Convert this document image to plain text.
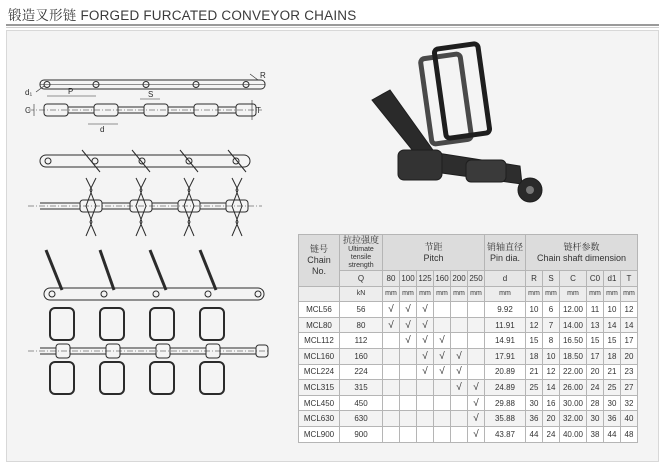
锻造叉形链 FORGED FURCATED CONVEYOR CHAINS
R
d₁	P	S
d
C	T
链号
Chain
No.	抗拉强度
Ultimate
tensile
strength	节距
Pitch						销轴直径
Pin dia.	链杆参数
Chain shaft dimension					

	Q	80	100	125	160	200	250	d	R	S	C	C0	d1	T
	kN	mm	mm	mm	mm	mm	mm	mm	mm	mm	mm	mm	mm	mm
MCL56	56	√	√	√				9.92	10	6	12.00	11	10	12
MCL80	80	√	√	√				11.91	12	7	14.00	13	14	14
MCL112	112		√	√	√			14.91	15	8	16.50	15	15	17
MCL160	160			√	√	√		17.91	18	10	18.50	17	18	20
MCL224	224			√	√	√		20.89	21	12	22.00	20	21	23
MCL315	315					√	√	24.89	25	14	26.00	24	25	27
MCL450	450						√	29.88	30	16	30.00	28	30	32
MCL630	630						√	35.88	36	20	32.00	30	36	40
MCL900	900						√	43.87	44	24	40.00	38	44	48
